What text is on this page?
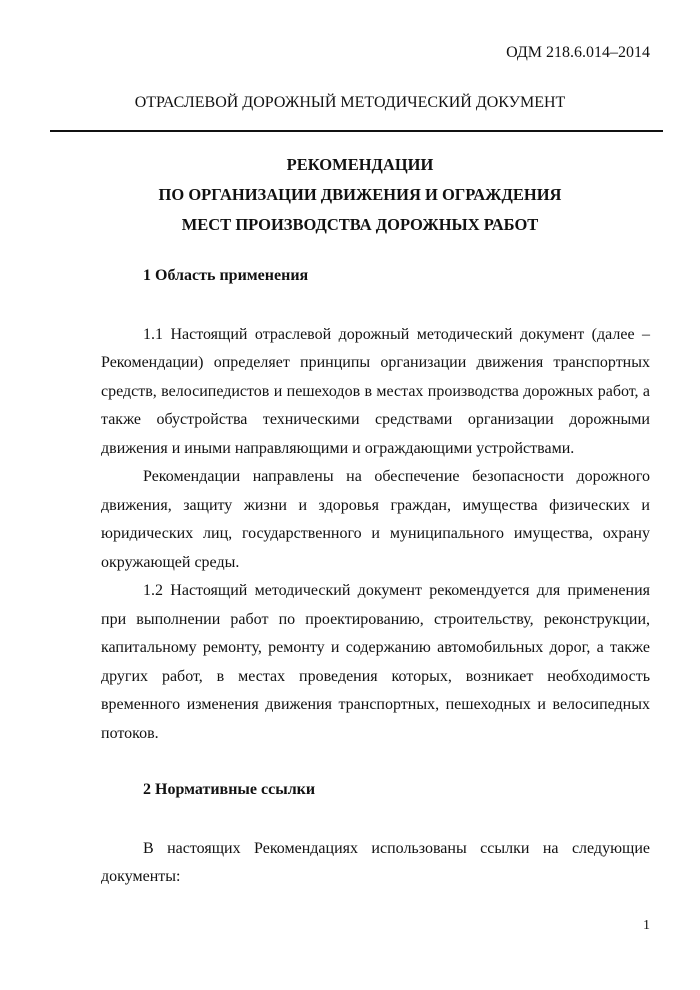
ОДМ 218.6.014–2014
ОТРАСЛЕВОЙ ДОРОЖНЫЙ МЕТОДИЧЕСКИЙ ДОКУМЕНТ
РЕКОМЕНДАЦИИ
ПО ОРГАНИЗАЦИИ ДВИЖЕНИЯ И ОГРАЖДЕНИЯ
МЕСТ ПРОИЗВОДСТВА ДОРОЖНЫХ РАБОТ
1 Область применения

1.1 Настоящий отраслевой дорожный методический документ (далее – Рекомендации) определяет принципы организации движения транспортных средств, велосипедистов и пешеходов в местах производства дорожных работ, а также обустройства техническими средствами организации дорожными движения и иными направляющими и ограждающими устройствами.

Рекомендации направлены на обеспечение безопасности дорожного движения, защиту жизни и здоровья граждан, имущества физических и юридических лиц, государственного и муниципального имущества, охрану окружающей среды.

1.2 Настоящий методический документ рекомендуется для применения при выполнении работ по проектированию, строительству, реконструкции, капитальному ремонту, ремонту и содержанию автомобильных дорог, а также других работ, в местах проведения которых, возникает необходимость временного изменения движения транспортных, пешеходных и велосипедных потоков.

2 Нормативные ссылки

В настоящих Рекомендациях использованы ссылки на следующие документы:

1
